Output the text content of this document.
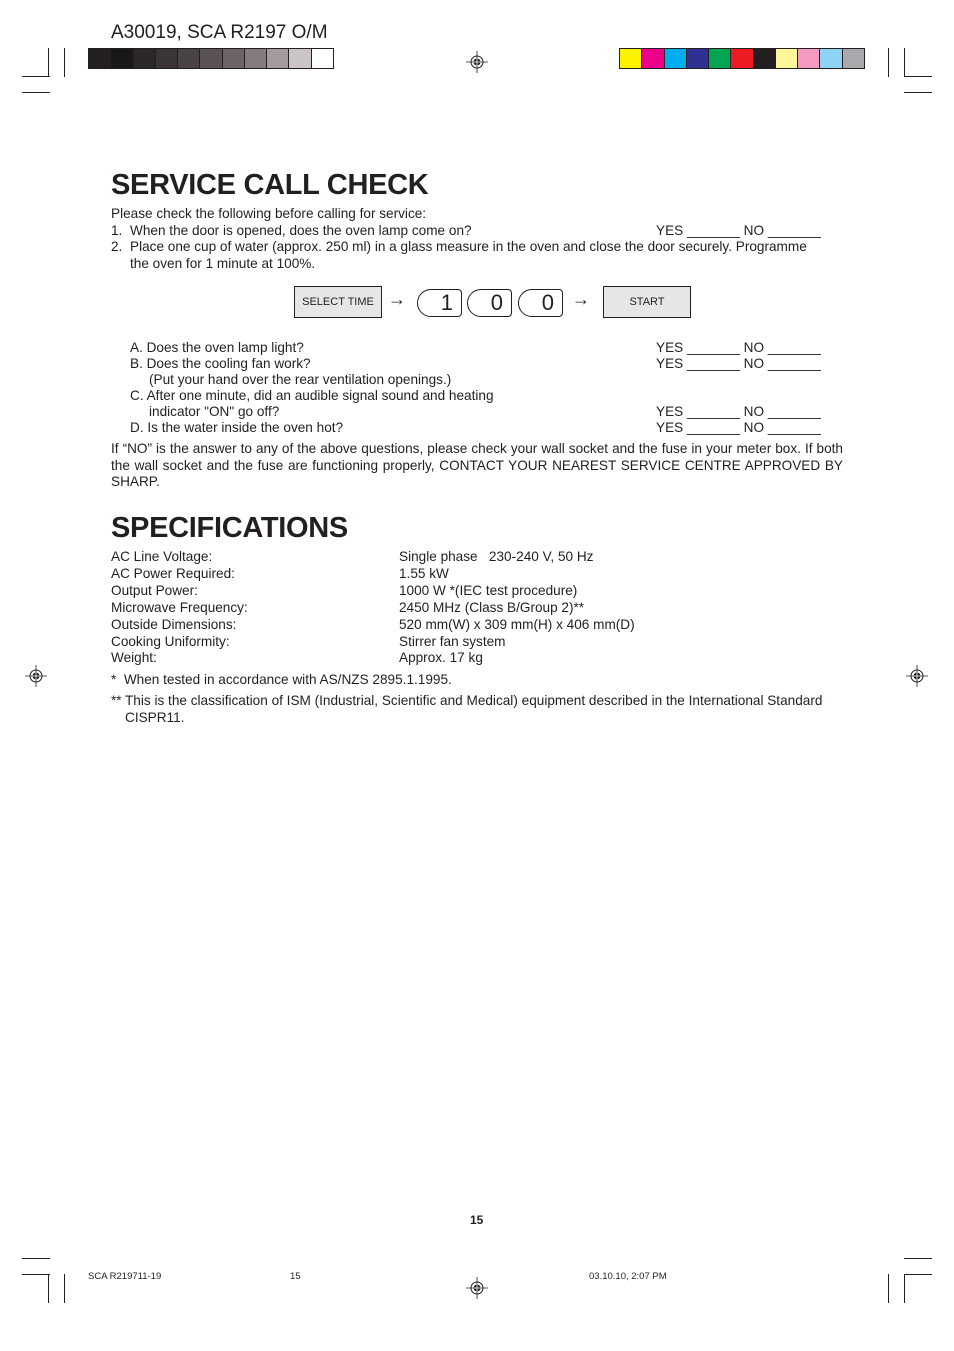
A30019, SCA R2197 O/M
SERVICE CALL CHECK
Please check the following before calling for service:
1. When the door is opened, does the oven lamp come on?	YES _______ NO _______
2. Place one cup of water (approx. 250 ml) in a glass measure in the oven and close the door securely. Programme
the oven for 1 minute at 100%.
SELECT TIME →	1	0	0	→	START
A. Does the oven lamp light?	YES _______ NO _______
B. Does the cooling fan work?	YES _______ NO _______
(Put your hand over the rear ventilation openings.)
C. After one minute, did an audible signal sound and heating
indicator "ON" go off?	YES _______ NO _______
D. Is the water inside the oven hot?	YES _______ NO _______
If “NO” is the answer to any of the above questions, please check your wall socket and the fuse in your meter box. If both the wall socket and the fuse are functioning properly, CONTACT YOUR NEAREST SERVICE CENTRE APPROVED BY SHARP.
SPECIFICATIONS
AC Line Voltage:	Single phase   230-240 V, 50 Hz
AC Power Required:	1.55 kW
Output Power:	1000 W *(IEC test procedure)
Microwave Frequency:	2450 MHz (Class B/Group 2)**
Outside Dimensions:	520 mm(W) x 309 mm(H) x 406 mm(D)
Cooking Uniformity:	Stirrer fan system
Weight:	Approx. 17 kg
*  When tested in accordance with AS/NZS 2895.1.1995.
** This is the classification of ISM (Industrial, Scientific and Medical) equipment described in the International Standard CISPR11.
15
SCA R219711-19	15	03.10.10, 2:07 PM
